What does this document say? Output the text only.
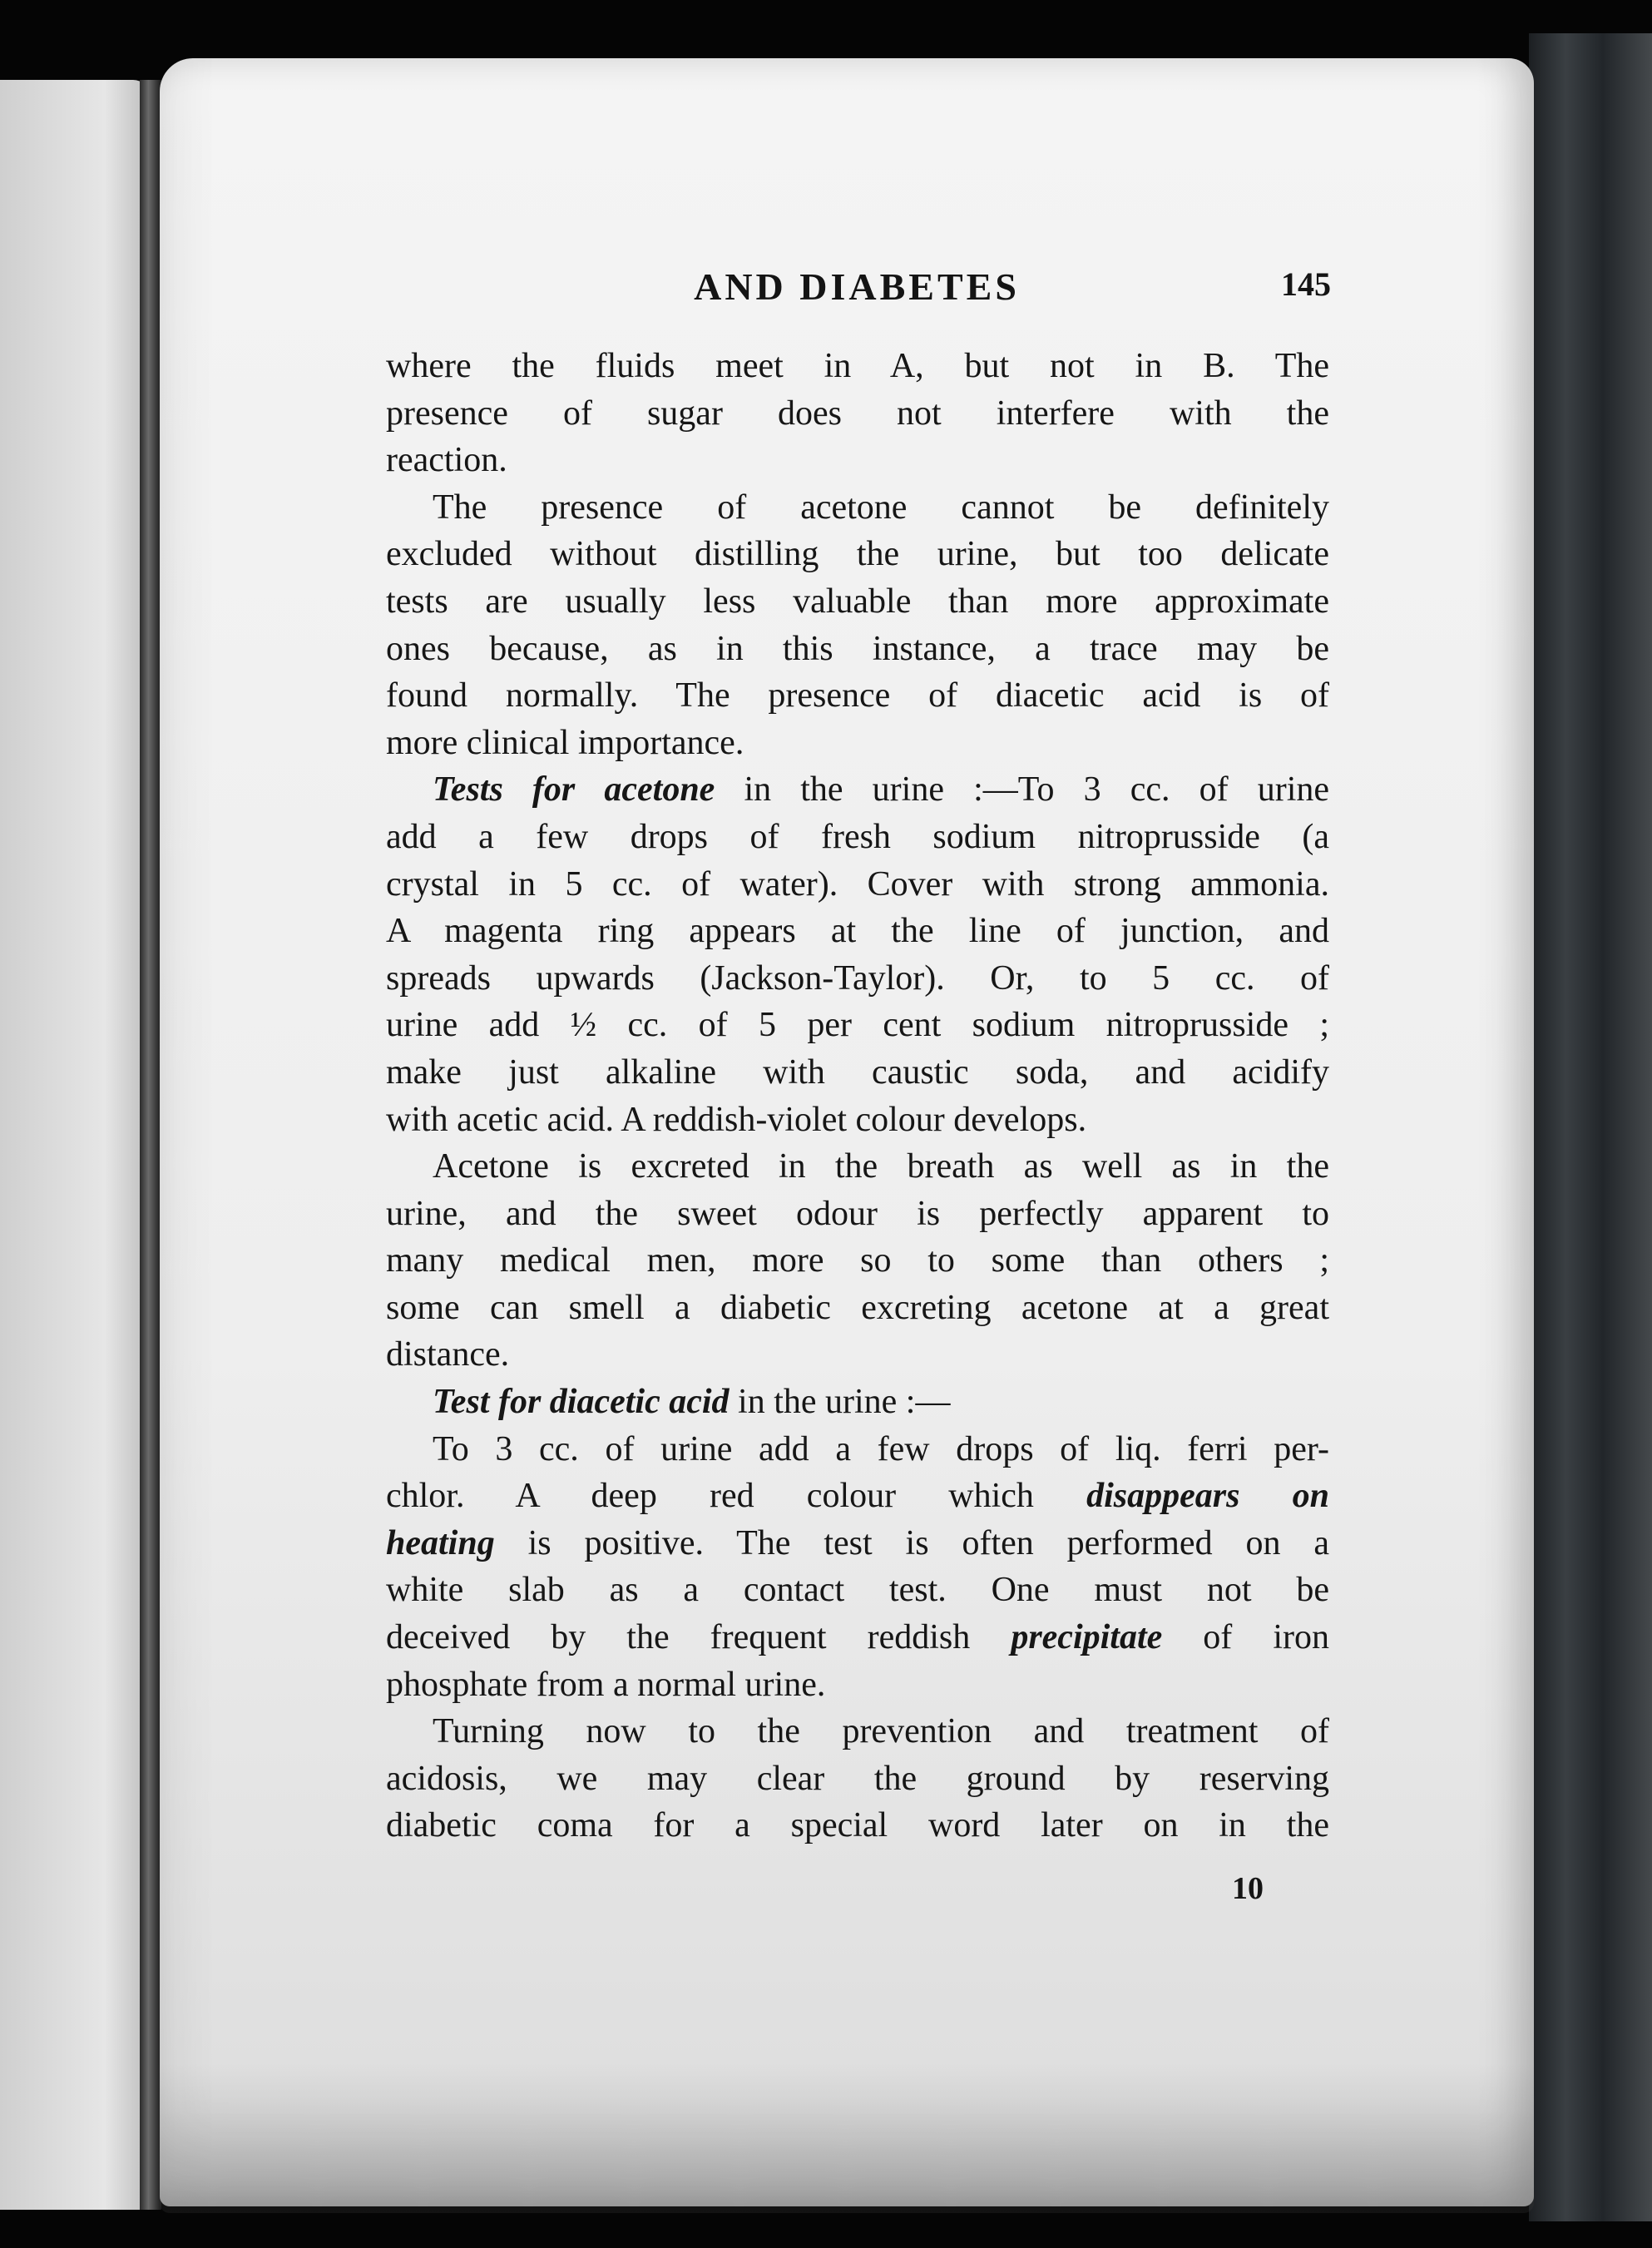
AND DIABETES	145
where the fluids meet in A, but not in B. The
presence of sugar does not interfere with the
reaction.
The presence of acetone cannot be definitely
excluded without distilling the urine, but too delicate
tests are usually less valuable than more approximate
ones because, as in this instance, a trace may be
found normally. The presence of diacetic acid is of
more clinical importance.
Tests for acetone in the urine :—To 3 cc. of urine
add a few drops of fresh sodium nitroprusside (a
crystal in 5 cc. of water). Cover with strong ammonia.
A magenta ring appears at the line of junction, and
spreads upwards (Jackson-Taylor). Or, to 5 cc. of
urine add ½ cc. of 5 per cent sodium nitroprusside ;
make just alkaline with caustic soda, and acidify
with acetic acid. A reddish-violet colour develops.
Acetone is excreted in the breath as well as in the
urine, and the sweet odour is perfectly apparent to
many medical men, more so to some than others ;
some can smell a diabetic excreting acetone at a great
distance.
Test for diacetic acid in the urine :—
To 3 cc. of urine add a few drops of liq. ferri per-
chlor. A deep red colour which disappears on
heating is positive. The test is often performed on a
white slab as a contact test. One must not be
deceived by the frequent reddish precipitate of iron
phosphate from a normal urine.
Turning now to the prevention and treatment of
acidosis, we may clear the ground by reserving
diabetic coma for a special word later on in the
10
